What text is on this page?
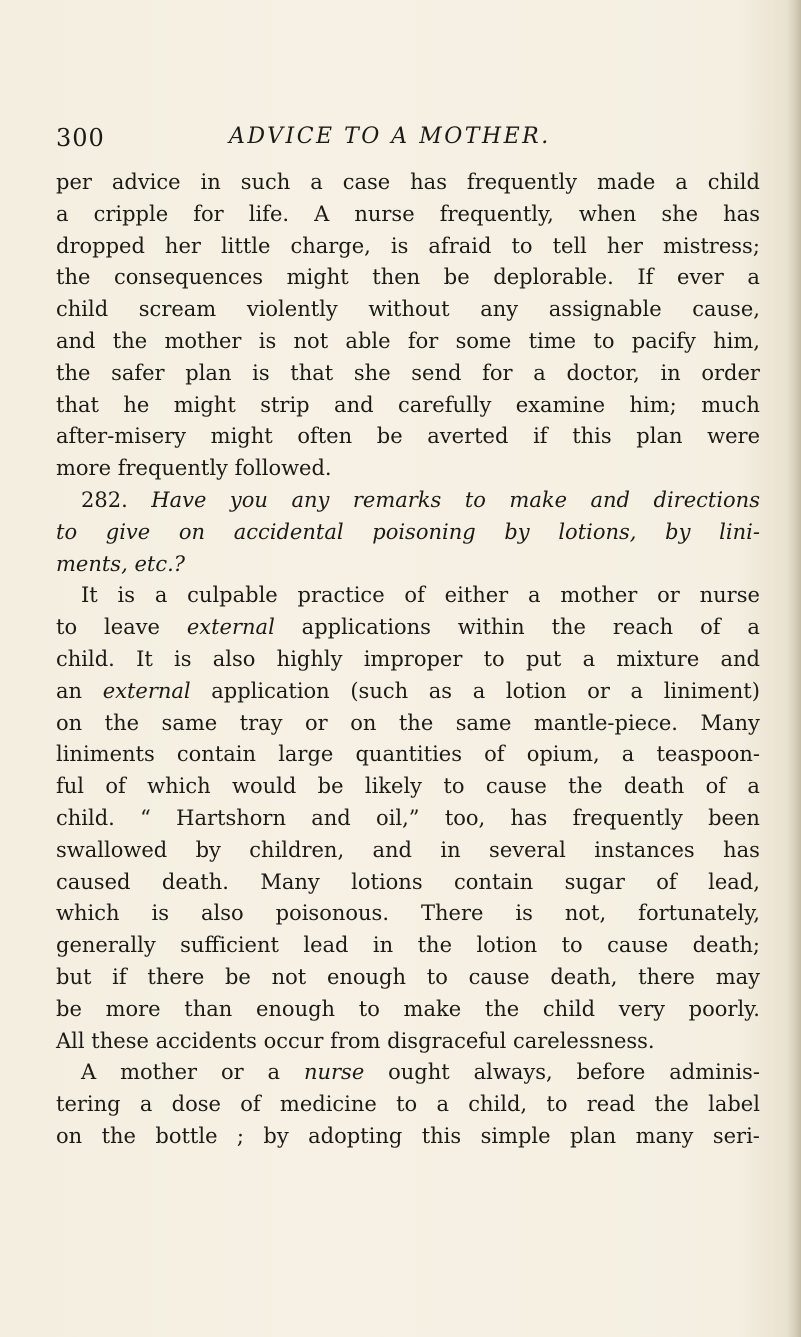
300	ADVICE TO A MOTHER.
per advice in such a case has frequently made a child
a cripple for life. A nurse frequently, when she has
dropped her little charge, is afraid to tell her mistress;
the consequences might then be deplorable. If ever a
child scream violently without any assignable cause,
and the mother is not able for some time to pacify him,
the safer plan is that she send for a doctor, in order
that he might strip and carefully examine him; much
after-misery might often be averted if this plan were
more
frequently
followed.
282. Have you any remarks to make and directions
to give on accidental poisoning by lotions, by lini-
ments,
etc.?
It is a culpable practice of either a mother or nurse
to leave external applications within the reach of a
child. It is also highly improper to put a mixture and
an external application (such as a lotion or a liniment)
on the same tray or on the same mantle-piece. Many
liniments contain large quantities of opium, a teaspoon-
ful of which would be likely to cause the death of a
child. “ Hartshorn and oil,” too, has frequently been
swallowed by children, and in several instances has
caused death. Many lotions contain sugar of lead,
which is also poisonous. There is not, fortunately,
generally sufficient lead in the lotion to cause death;
but if there be not enough to cause death, there may
be more than enough to make the child very poorly.
All
these
accidents
occur
from
disgraceful
carelessness.
A mother or a nurse ought always, before adminis-
tering a dose of medicine to a child, to read the label
on the bottle ; by adopting this simple plan many seri-
